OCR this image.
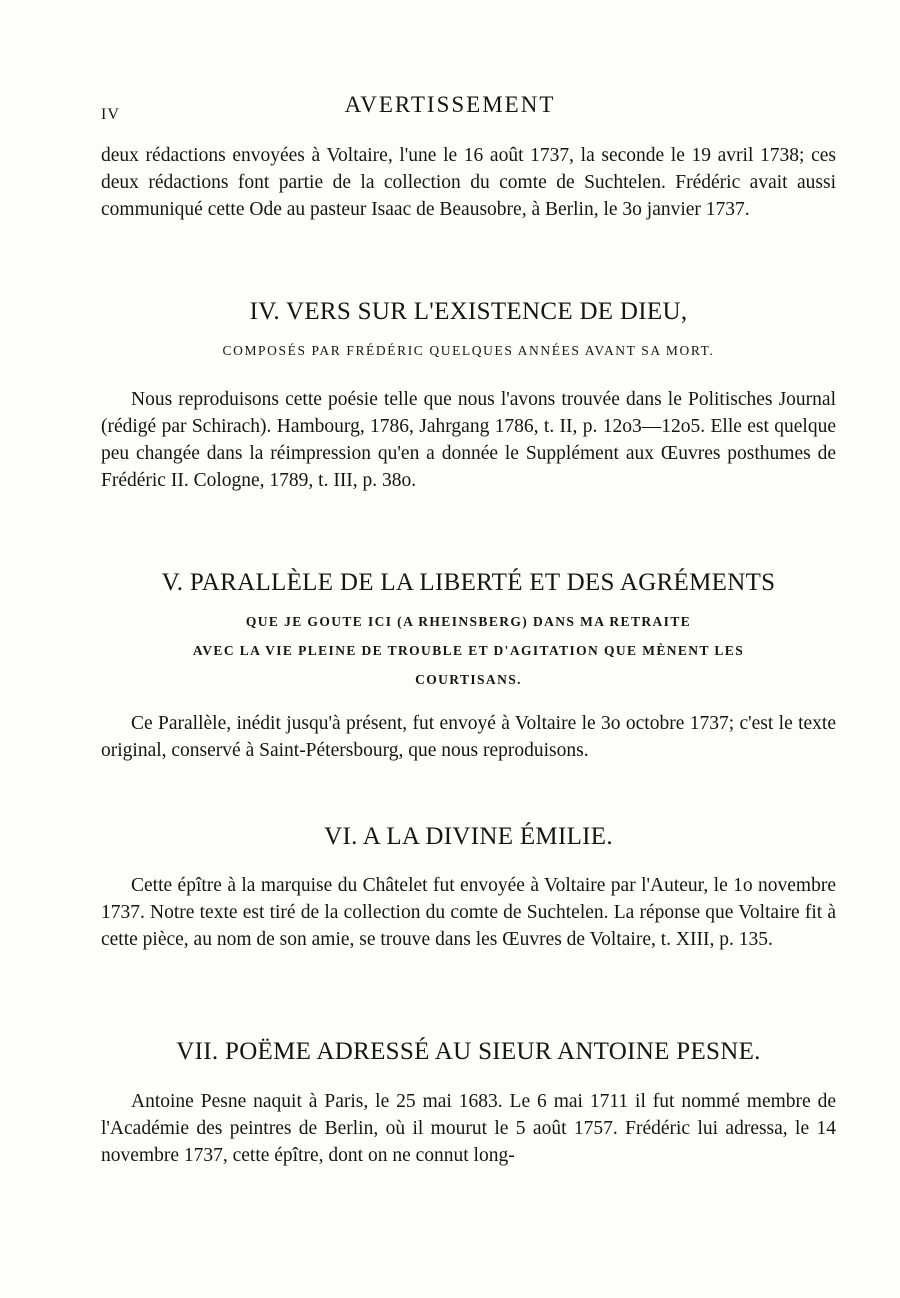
IV	AVERTISSEMENT

deux rédactions envoyées à Voltaire, l'une le 16 août 1737, la seconde le 19 avril 1738; ces deux rédactions font partie de la collection du comte de Suchtelen. Frédéric avait aussi communiqué cette Ode au pasteur Isaac de Beausobre, à Berlin, le 3o janvier 1737.

IV. VERS SUR L'EXISTENCE DE DIEU,
COMPOSÉS PAR FRÉDÉRIC QUELQUES ANNÉES AVANT SA MORT.

Nous reproduisons cette poésie telle que nous l'avons trouvée dans le Politisches Journal (rédigé par Schirach). Hambourg, 1786, Jahrgang 1786, t. II, p. 12o3—12o5. Elle est quelque peu changée dans la réimpression qu'en a donnée le Supplément aux Œuvres posthumes de Frédéric II. Cologne, 1789, t. III, p. 38o.

V. PARALLÈLE DE LA LIBERTÉ ET DES AGRÉMENTS
QUE JE GOUTE ICI (A RHEINSBERG) DANS MA RETRAITE
AVEC LA VIE PLEINE DE TROUBLE ET D'AGITATION QUE MÈNENT LES
COURTISANS.

Ce Parallèle, inédit jusqu'à présent, fut envoyé à Voltaire le 3o octobre 1737; c'est le texte original, conservé à Saint-Pétersbourg, que nous reproduisons.

VI. A LA DIVINE ÉMILIE.

Cette épître à la marquise du Châtelet fut envoyée à Voltaire par l'Auteur, le 1o novembre 1737. Notre texte est tiré de la collection du comte de Suchtelen. La réponse que Voltaire fit à cette pièce, au nom de son amie, se trouve dans les Œuvres de Voltaire, t. XIII, p. 135.

VII. POËME ADRESSÉ AU SIEUR ANTOINE PESNE.

Antoine Pesne naquit à Paris, le 25 mai 1683. Le 6 mai 1711 il fut nommé membre de l'Académie des peintres de Berlin, où il mourut le 5 août 1757. Frédéric lui adressa, le 14 novembre 1737, cette épître, dont on ne connut long-
